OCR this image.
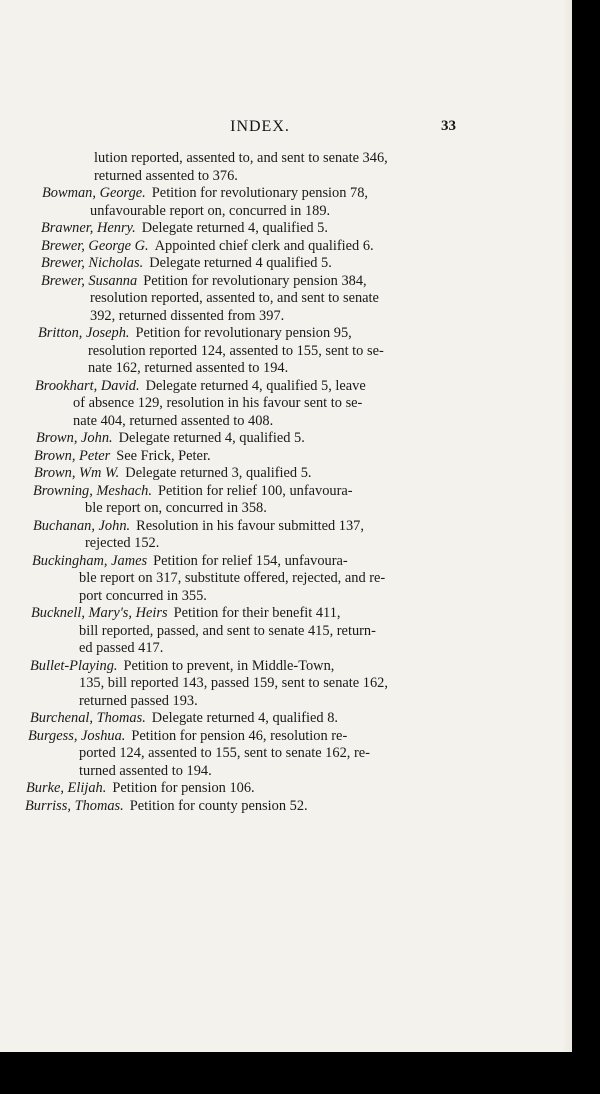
INDEX.	33
lution reported, assented to, and sent to senate 346,
returned assented to 376.
Bowman, George. Petition for revolutionary pension 78,
unfavourable report on, concurred in 189.
Brawner, Henry. Delegate returned 4, qualified 5.
Brewer, George G. Appointed chief clerk and qualified 6.
Brewer, Nicholas. Delegate returned 4 qualified 5.
Brewer, Susanna Petition for revolutionary pension 384,
resolution reported, assented to, and sent to senate
392, returned dissented from 397.
Britton, Joseph. Petition for revolutionary pension 95,
resolution reported 124, assented to 155, sent to se-
nate 162, returned assented to 194.
Brookhart, David. Delegate returned 4, qualified 5, leave
of absence 129, resolution in his favour sent to se-
nate 404, returned assented to 408.
Brown, John. Delegate returned 4, qualified 5.
Brown, Peter See Frick, Peter.
Brown, Wm W. Delegate returned 3, qualified 5.
Browning, Meshach. Petition for relief 100, unfavoura-
ble report on, concurred in 358.
Buchanan, John. Resolution in his favour submitted 137,
rejected 152.
Buckingham, James Petition for relief 154, unfavoura-
ble report on 317, substitute offered, rejected, and re-
port concurred in 355.
Bucknell, Mary's, Heirs Petition for their benefit 411,
bill reported, passed, and sent to senate 415, return-
ed passed 417.
Bullet-Playing. Petition to prevent, in Middle-Town,
135, bill reported 143, passed 159, sent to senate 162,
returned passed 193.
Burchenal, Thomas. Delegate returned 4, qualified 8.
Burgess, Joshua. Petition for pension 46, resolution re-
ported 124, assented to 155, sent to senate 162, re-
turned assented to 194.
Burke, Elijah. Petition for pension 106.
Burriss, Thomas. Petition for county pension 52.
